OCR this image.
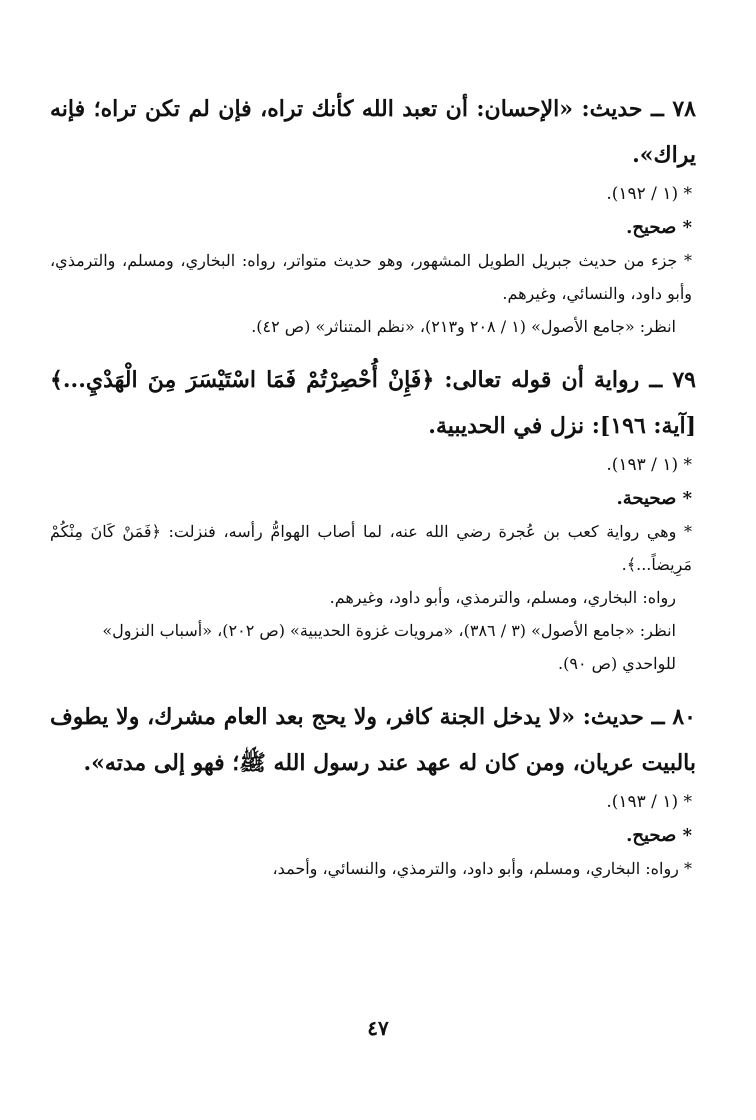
٧٨ ــ حديث: «الإحسان: أن تعبد الله كأنك تراه، فإن لم تكن تراه؛ فإنه يراك».

* (١ / ١٩٢).

* صحيح.

* جزء من حديث جبريل الطويل المشهور، وهو حديث متواتر، رواه: البخاري، ومسلم، والترمذي، وأبو داود، والنسائي، وغيرهم.

انظر: «جامع الأصول» (١ / ٢٠٨ و٢١٣)، «نظم المتناثر» (ص ٤٢).

٧٩ ــ رواية أن قوله تعالى: ﴿فَإِنْ أُحْصِرْتُمْ فَمَا اسْتَيْسَرَ مِنَ الْهَدْيِ...﴾ [آية: ١٩٦]: نزل في الحديبية.

* (١ / ١٩٣).

* صحيحة.

* وهي رواية كعب بن عُجرة رضي الله عنه، لما أصاب الهوامُّ رأسه، فنزلت: ﴿فَمَنْ كَانَ مِنْكُمْ مَرِيضاً...﴾.

رواه: البخاري، ومسلم، والترمذي، وأبو داود، وغيرهم.

انظر: «جامع الأصول» (٣ / ٣٨٦)، «مرويات غزوة الحديبية» (ص ٢٠٢)، «أسباب النزول» للواحدي (ص ٩٠).

٨٠ ــ حديث: «لا يدخل الجنة كافر، ولا يحج بعد العام مشرك، ولا يطوف بالبيت عريان، ومن كان له عهد عند رسول الله ﷺ؛ فهو إلى مدته».

* (١ / ١٩٣).

* صحيح.

* رواه: البخاري، ومسلم، وأبو داود، والترمذي، والنسائي، وأحمد،

٤٧
